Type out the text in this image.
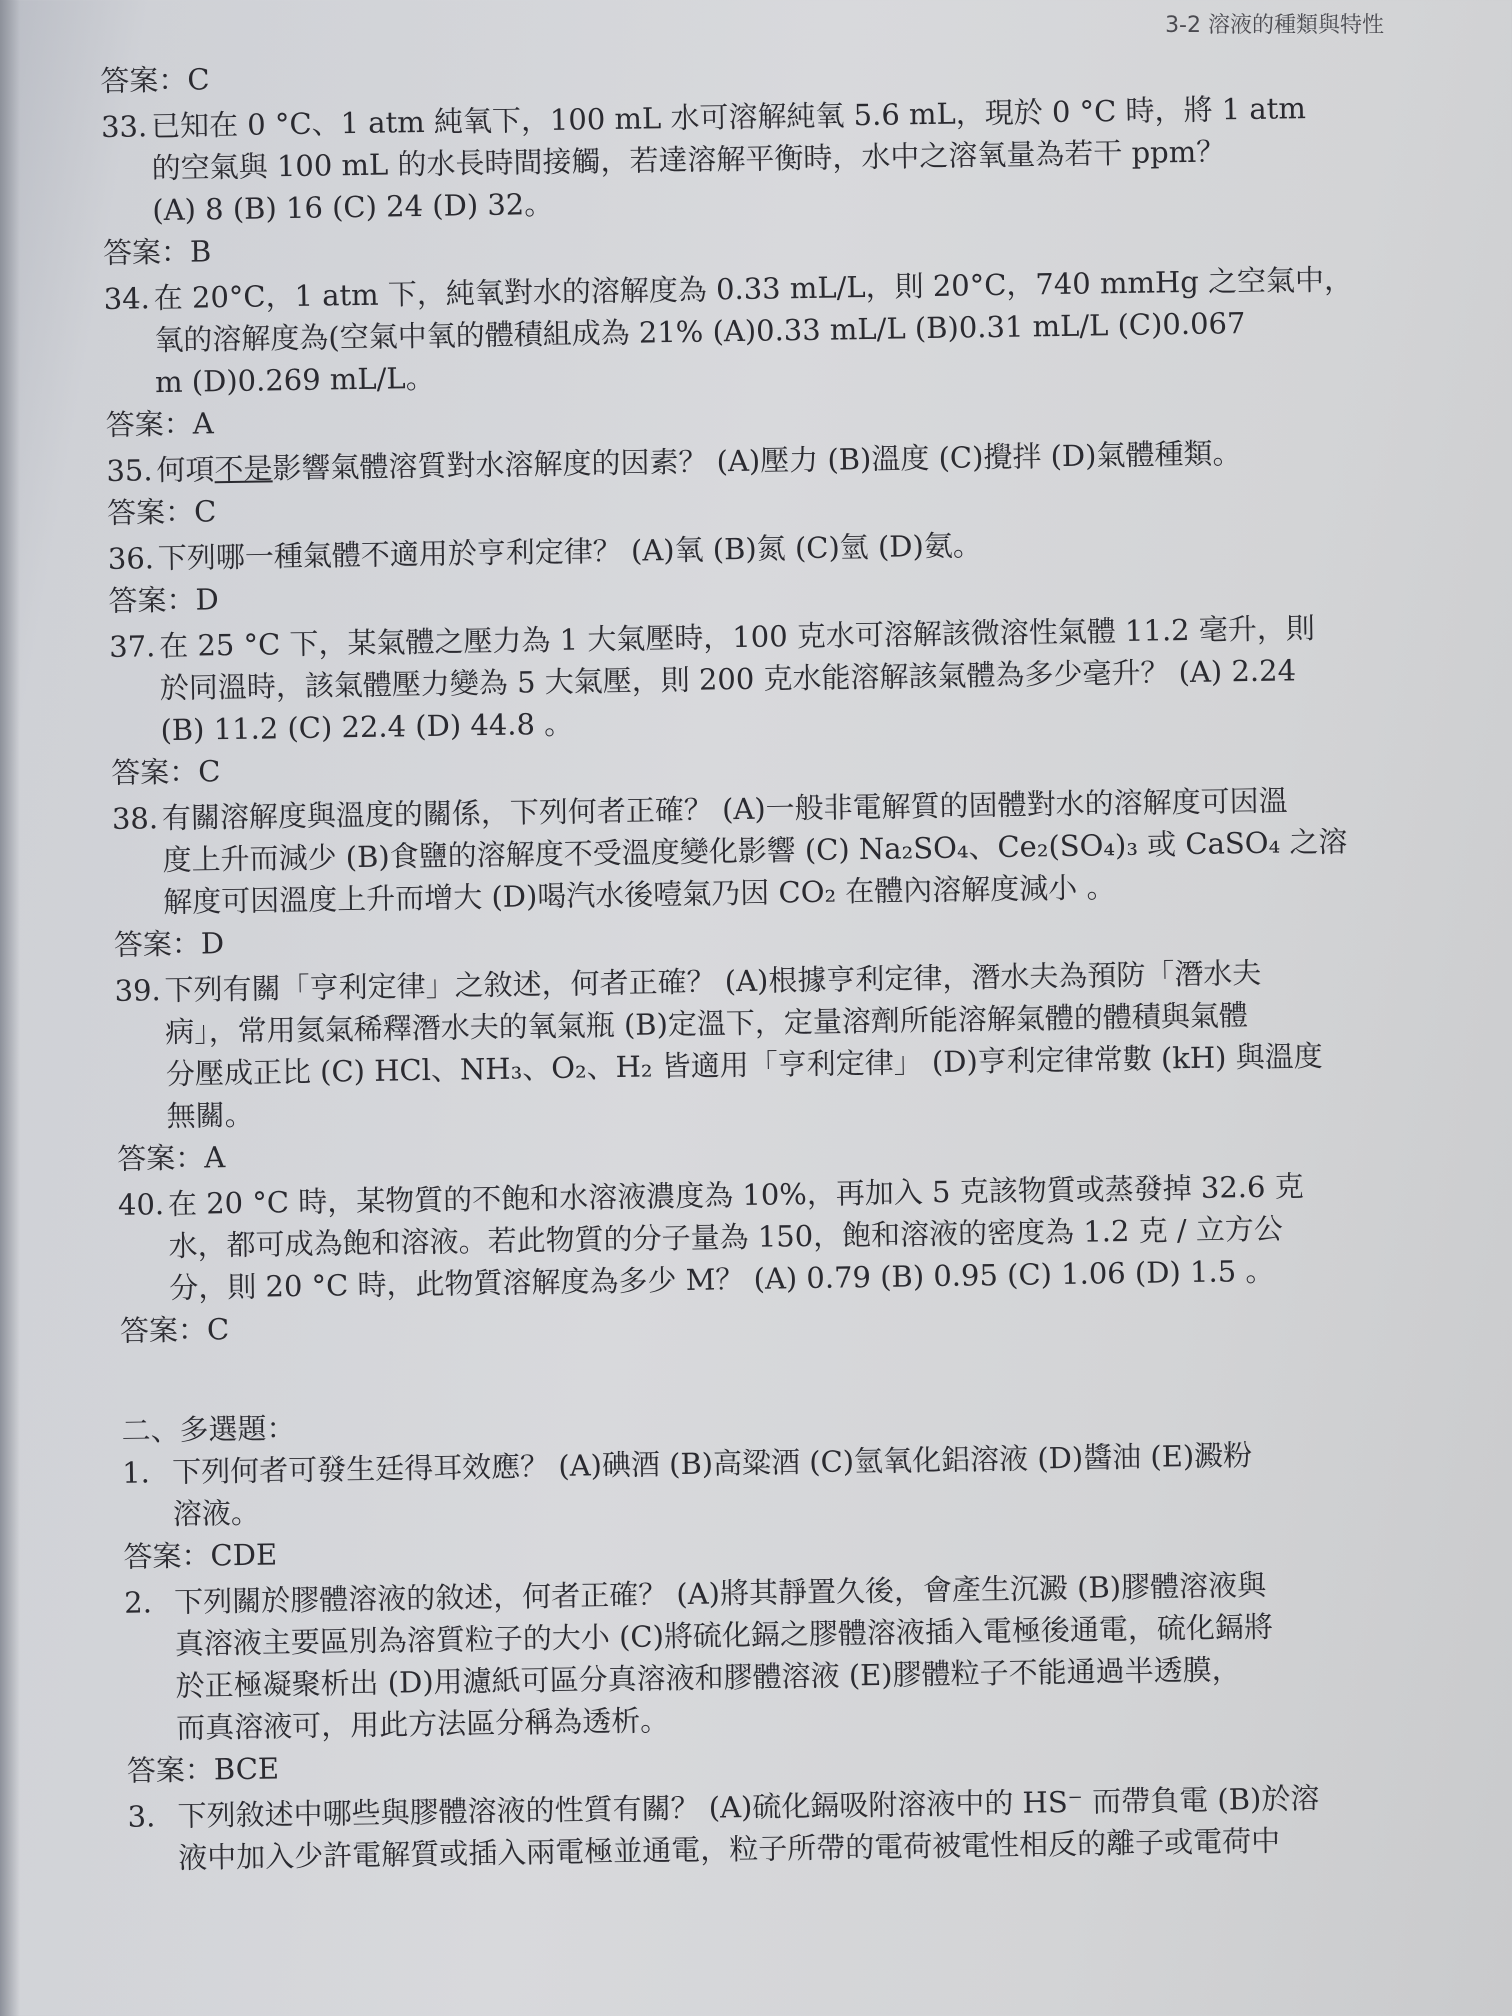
3-2 溶液的種類與特性
答案：C
33. 已知在 0 °C、1 atm 純氧下，100 mL 水可溶解純氧 5.6 mL，現於 0 °C 時，將 1 atm
的空氣與 100 mL 的水長時間接觸，若達溶解平衡時，水中之溶氧量為若干 ppm？
(A) 8 (B) 16 (C) 24 (D) 32。
答案：B
34. 在 20°C，1 atm 下，純氧對水的溶解度為 0.33 mL/L，則 20°C，740 mmHg 之空氣中，
氧的溶解度為(空氣中氧的體積組成為 21% (A)0.33 mL/L (B)0.31 mL/L (C)0.067
m (D)0.269 mL/L。
答案：A
35. 何項不是影響氣體溶質對水溶解度的因素？ (A)壓力 (B)溫度 (C)攪拌 (D)氣體種類。
答案：C
36. 下列哪一種氣體不適用於亨利定律？ (A)氧 (B)氮 (C)氫 (D)氨。
答案：D
37. 在 25 °C 下，某氣體之壓力為 1 大氣壓時，100 克水可溶解該微溶性氣體 11.2 毫升，則
於同溫時，該氣體壓力變為 5 大氣壓，則 200 克水能溶解該氣體為多少毫升？ (A) 2.24
(B) 11.2 (C) 22.4 (D) 44.8 。
答案：C
38. 有關溶解度與溫度的關係，下列何者正確？ (A)一般非電解質的固體對水的溶解度可因溫
度上升而減少 (B)食鹽的溶解度不受溫度變化影響 (C) Na₂SO₄、Ce₂(SO₄)₃ 或 CaSO₄ 之溶
解度可因溫度上升而增大 (D)喝汽水後噎氣乃因 CO₂ 在體內溶解度減小 。
答案：D
39. 下列有關「亨利定律」之敘述，何者正確？ (A)根據亨利定律，潛水夫為預防「潛水夫
病」，常用氦氣稀釋潛水夫的氧氣瓶 (B)定溫下，定量溶劑所能溶解氣體的體積與氣體
分壓成正比 (C) HCl、NH₃、O₂、H₂ 皆適用「亨利定律」 (D)亨利定律常數 (kH) 與溫度
無關。
答案：A
40. 在 20 °C 時，某物質的不飽和水溶液濃度為 10%，再加入 5 克該物質或蒸發掉 32.6 克
水，都可成為飽和溶液。若此物質的分子量為 150，飽和溶液的密度為 1.2 克 / 立方公
分，則 20 °C 時，此物質溶解度為多少 M？ (A) 0.79 (B) 0.95 (C) 1.06 (D) 1.5 。
答案：C
二、多選題：
1. 下列何者可發生廷得耳效應？ (A)碘酒 (B)高粱酒 (C)氫氧化鋁溶液 (D)醬油 (E)澱粉
溶液。
答案：CDE
2. 下列關於膠體溶液的敘述，何者正確？ (A)將其靜置久後，會產生沉澱 (B)膠體溶液與
真溶液主要區別為溶質粒子的大小 (C)將硫化鎘之膠體溶液插入電極後通電，硫化鎘將
於正極凝聚析出 (D)用濾紙可區分真溶液和膠體溶液 (E)膠體粒子不能通過半透膜，
而真溶液可，用此方法區分稱為透析。
答案：BCE
3. 下列敘述中哪些與膠體溶液的性質有關？ (A)硫化鎘吸附溶液中的 HS⁻ 而帶負電 (B)於溶
液中加入少許電解質或插入兩電極並通電，粒子所帶的電荷被電性相反的離子或電荷中
